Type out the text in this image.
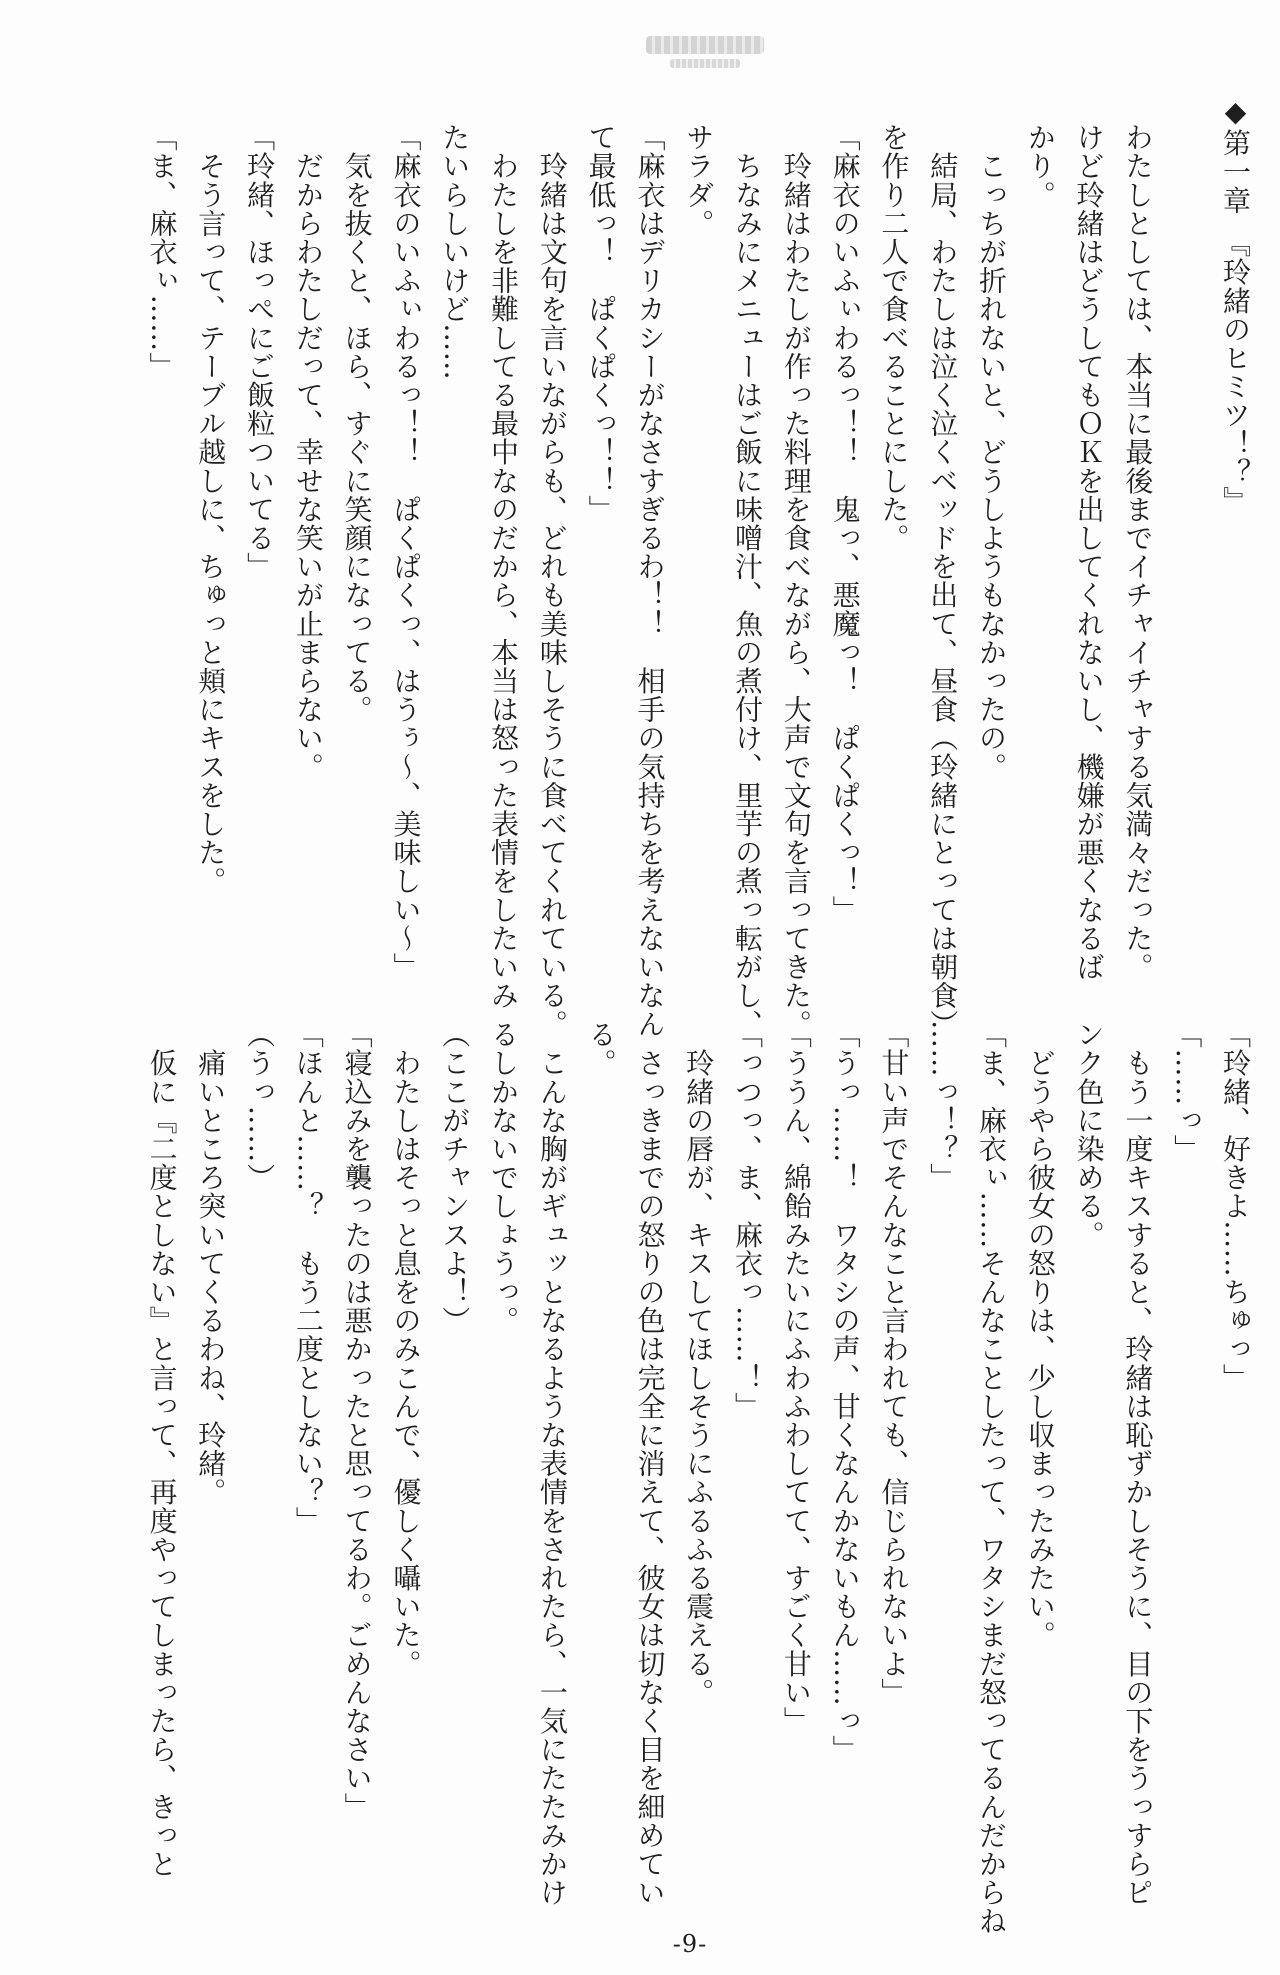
◆第一章　『玲緒のヒミツ！？』
わたしとしては、本当に最後までイチャイチャする気満々だった。
けど玲緒はどうしてもＯＫを出してくれないし、機嫌が悪くなるば
かり。
　こっちが折れないと、どうしようもなかったの。
　結局、わたしは泣く泣くベッドを出て、昼食（玲緒にとっては朝食）
を作り二人で食べることにした。
「麻衣のいふぃわるっ！！　鬼っ、悪魔っ！　ぱくぱくっ！」
　玲緒はわたしが作った料理を食べながら、大声で文句を言ってきた。
　ちなみにメニューはご飯に味噌汁、魚の煮付け、里芋の煮っ転がし、
サラダ。
「麻衣はデリカシーがなさすぎるわ！！　相手の気持ちを考えないなん
て最低っ！　ぱくぱくっ！！」
　玲緒は文句を言いながらも、どれも美味しそうに食べてくれている。
　わたしを非難してる最中なのだから、本当は怒った表情をしたいみ
たいらしいけど……
「麻衣のいふぃわるっ！！　ぱくぱくっ、はうぅ～、美味しい～」
　気を抜くと、ほら、すぐに笑顔になってる。
　だからわたしだって、幸せな笑いが止まらない。
「玲緒、ほっぺにご飯粒ついてる」
　そう言って、テーブル越しに、ちゅっと頬にキスをした。
「ま、麻衣ぃ……」
「玲緒、好きよ……ちゅっ」
「……っ」
　もう一度キスすると、玲緒は恥ずかしそうに、目の下をうっすらピ
ンク色に染める。
　どうやら彼女の怒りは、少し収まったみたい。
「ま、麻衣ぃ……そんなことしたって、ワタシまだ怒ってるんだからね
……っ！？」
「甘い声でそんなこと言われても、信じられないよ」
「うっ……！　ワタシの声、甘くなんかないもん……っ」
「ううん、綿飴みたいにふわふわしてて、すごく甘い」
「っつっ、ま、麻衣っ……！」
　玲緒の唇が、キスしてほしそうにふるふる震える。
　さっきまでの怒りの色は完全に消えて、彼女は切なく目を細めてい
る。
　こんな胸がギュッとなるような表情をされたら、一気にたたみかけ
るしかないでしょうっ。
（ここがチャンスよ！）
　わたしはそっと息をのみこんで、優しく囁いた。
「寝込みを襲ったのは悪かったと思ってるわ。ごめんなさい」
「ほんと……？　もう二度としない？」
（うっ……）
　痛いところ突いてくるわね、玲緒。
　仮に『二度としない』と言って、再度やってしまったら、きっと
-9-
